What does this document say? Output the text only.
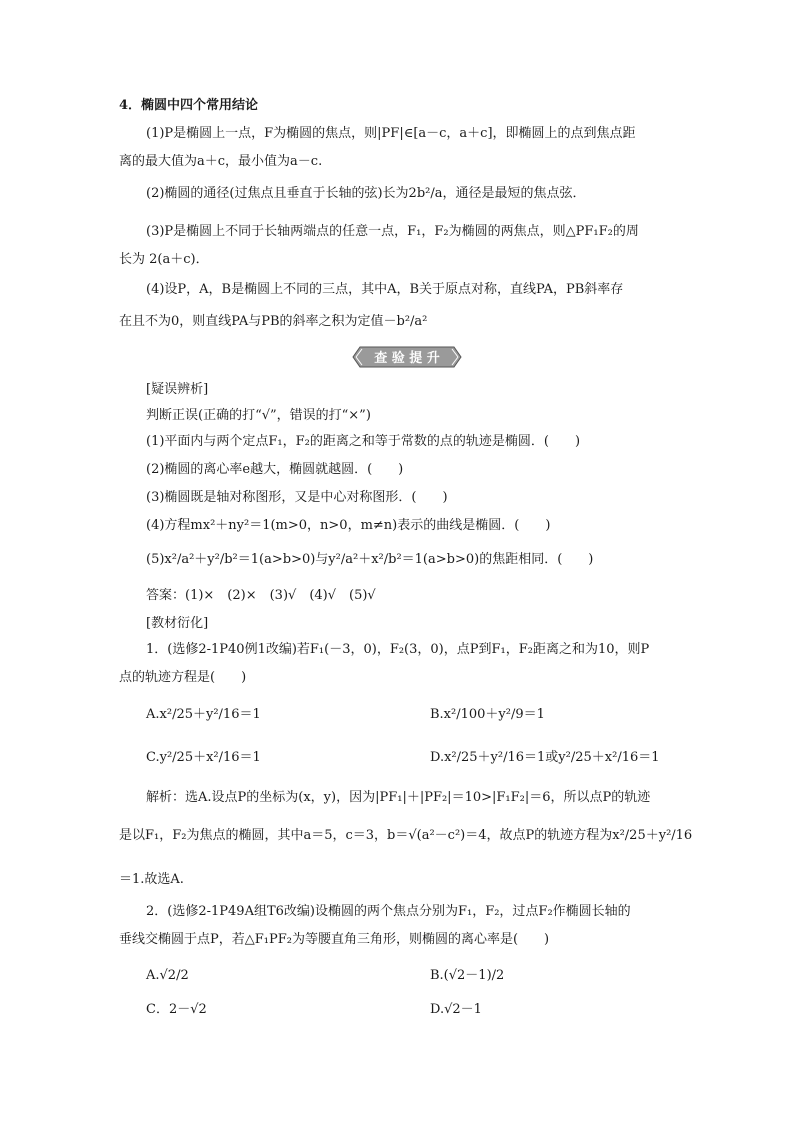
4．椭圆中四个常用结论
(1)P是椭圆上一点，F为椭圆的焦点，则|PF|∈[a－c，a＋c]，即椭圆上的点到焦点距
离的最大值为a＋c，最小值为a－c.
(2)椭圆的通径(过焦点且垂直于长轴的弦)长为2b²/a，通径是最短的焦点弦．
(3)P是椭圆上不同于长轴两端点的任意一点，F₁，F₂为椭圆的两焦点，则△PF₁F₂的周
长为 2(a＋c)．
(4)设P，A，B是椭圆上不同的三点，其中A，B关于原点对称，直线PA，PB斜率存
在且不为0，则直线PA与PB的斜率之积为定值－b²/a²
查 验 提 升
[疑误辨析]
判断正误(正确的打“√”，错误的打“×”)
(1)平面内与两个定点F₁，F₂的距离之和等于常数的点的轨迹是椭圆．(　　)
(2)椭圆的离心率e越大，椭圆就越圆．(　　)
(3)椭圆既是轴对称图形，又是中心对称图形．(　　)
(4)方程mx²＋ny²＝1(m>0，n>0，m≠n)表示的曲线是椭圆．(　　)
(5)x²/a²＋y²/b²＝1(a>b>0)与y²/a²＋x²/b²＝1(a>b>0)的焦距相同．(　　)
答案：(1)×　(2)×　(3)√　(4)√　(5)√
[教材衍化]
1．(选修2-1P40例1改编)若F₁(－3，0)，F₂(3，0)，点P到F₁，F₂距离之和为10，则P
点的轨迹方程是(　　)
A.x²/25＋y²/16＝1	B.x²/100＋y²/9＝1
C.y²/25＋x²/16＝1	D.x²/25＋y²/16＝1或y²/25＋x²/16＝1
解析：选A.设点P的坐标为(x，y)，因为|PF₁|＋|PF₂|＝10>|F₁F₂|＝6，所以点P的轨迹
是以F₁，F₂为焦点的椭圆，其中a＝5，c＝3，b＝√(a²－c²)＝4，故点P的轨迹方程为x²/25＋y²/16
＝1.故选A.
2．(选修2-1P49A组T6改编)设椭圆的两个焦点分别为F₁，F₂，过点F₂作椭圆长轴的
垂线交椭圆于点P，若△F₁PF₂为等腰直角三角形，则椭圆的离心率是(　　)
A.√2/2	B.(√2－1)/2
C．2－√2	D.√2－1
